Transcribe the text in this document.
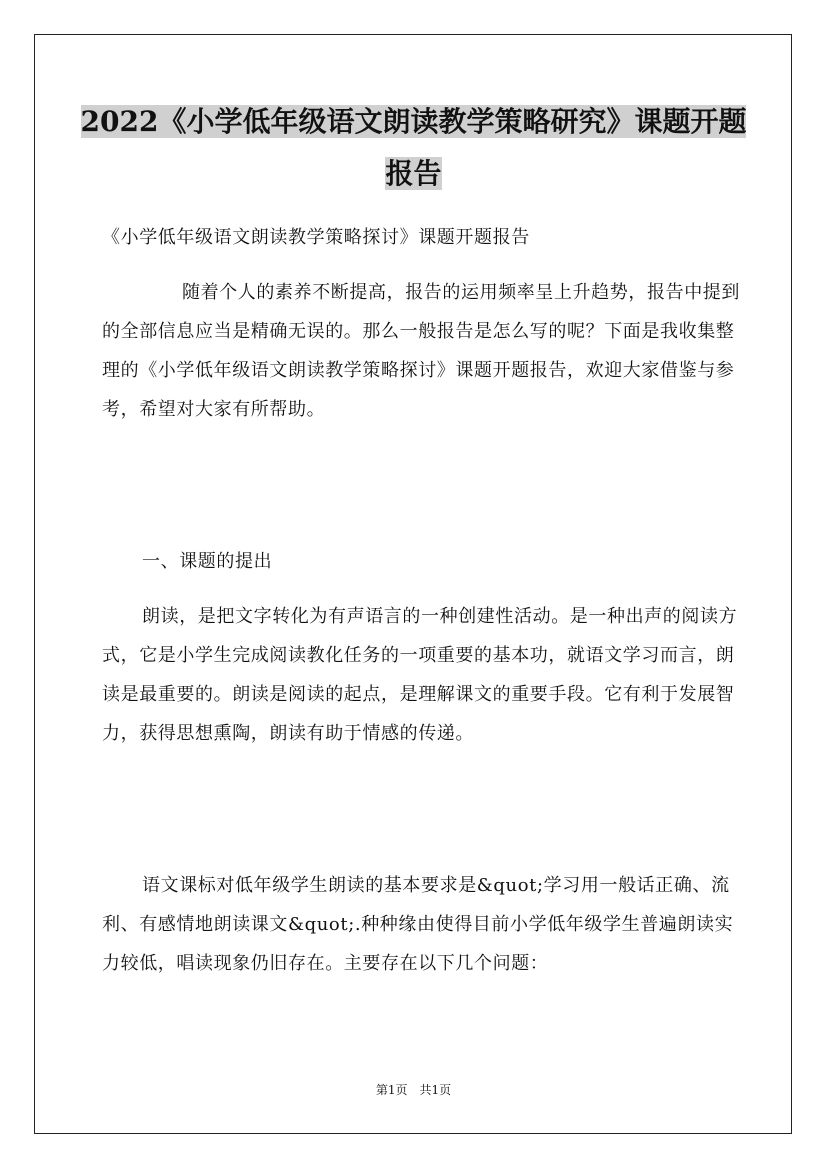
2022《小学低年级语文朗读教学策略研究》课题开题报告

《小学低年级语文朗读教学策略探讨》课题开题报告

随着个人的素养不断提高，报告的运用频率呈上升趋势，报告中提到的全部信息应当是精确无误的。那么一般报告是怎么写的呢？下面是我收集整理的《小学低年级语文朗读教学策略探讨》课题开题报告，欢迎大家借鉴与参考，希望对大家有所帮助。

一、课题的提出

朗读，是把文字转化为有声语言的一种创建性活动。是一种出声的阅读方式，它是小学生完成阅读教化任务的一项重要的基本功，就语文学习而言，朗读是最重要的。朗读是阅读的起点，是理解课文的重要手段。它有利于发展智力，获得思想熏陶，朗读有助于情感的传递。

语文课标对低年级学生朗读的基本要求是&quot;学习用一般话正确、流利、有感情地朗读课文&quot;.种种缘由使得目前小学低年级学生普遍朗读实力较低，唱读现象仍旧存在。主要存在以下几个问题：

第1页　共1页
